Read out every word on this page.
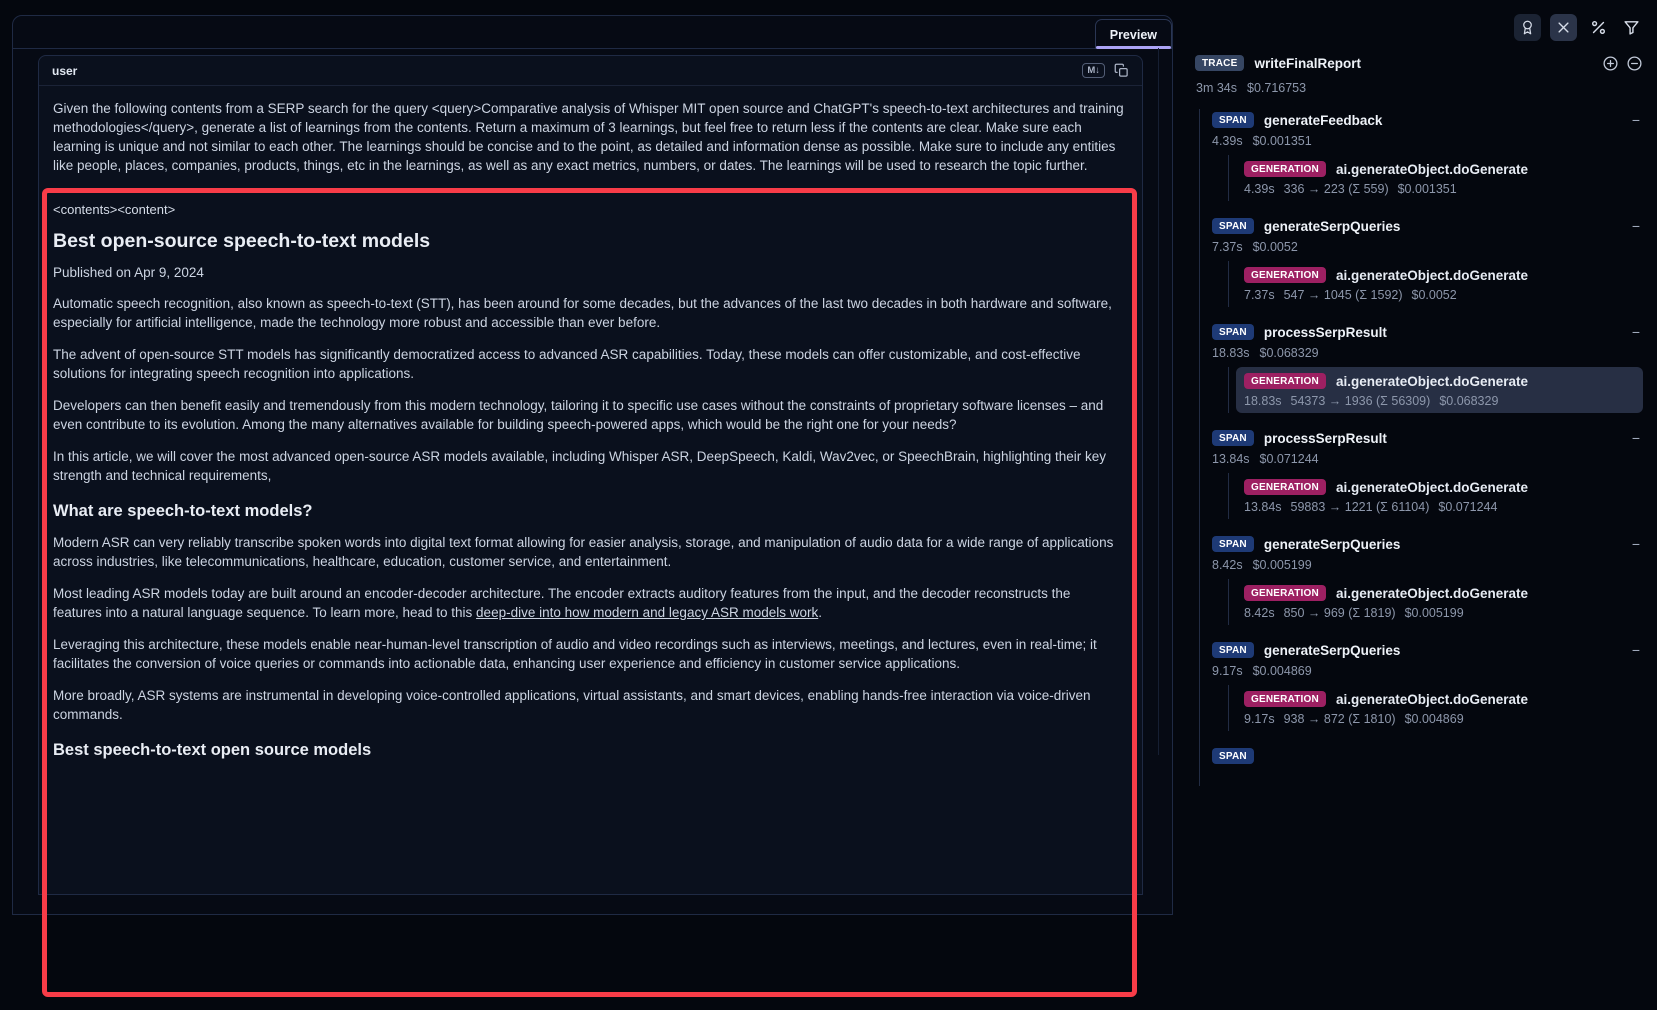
Preview
user	M↓

Given the following contents from a SERP search for the query <query>Comparative analysis of Whisper MIT open source and ChatGPT's speech-to-text architectures and training methodologies</query>, generate a list of learnings from the contents. Return a maximum of 3 learnings, but feel free to return less if the contents are clear. Make sure each learning is unique and not similar to each other. The learnings should be concise and to the point, as detailed and information dense as possible. Make sure to include any entities like people, places, companies, products, things, etc in the learnings, as well as any exact metrics, numbers, or dates. The learnings will be used to research the topic further.

<contents><content>

Best open-source speech-to-text models

Published on Apr 9, 2024

Automatic speech recognition, also known as speech-to-text (STT), has been around for some decades, but the advances of the last two decades in both hardware and software, especially for artificial intelligence, made the technology more robust and accessible than ever before.

The advent of open-source STT models has significantly democratized access to advanced ASR capabilities. Today, these models can offer customizable, and cost-effective solutions for integrating speech recognition into applications.

Developers can then benefit easily and tremendously from this modern technology, tailoring it to specific use cases without the constraints of proprietary software licenses – and even contribute to its evolution. Among the many alternatives available for building speech-powered apps, which would be the right one for your needs?

In this article, we will cover the most advanced open-source ASR models available, including Whisper ASR, DeepSpeech, Kaldi, Wav2vec, or SpeechBrain, highlighting their key strength and technical requirements,

What are speech-to-text models?

Modern ASR can very reliably transcribe spoken words into digital text format allowing for easier analysis, storage, and manipulation of audio data for a wide range of applications across industries, like telecommunications, healthcare, education, customer service, and entertainment.

Most leading ASR models today are built around an encoder-decoder architecture. The encoder extracts auditory features from the input, and the decoder reconstructs the features into a natural language sequence. To learn more, head to this deep-dive into how modern and legacy ASR models work.

Leveraging this architecture, these models enable near-human-level transcription of audio and video recordings such as interviews, meetings, and lectures, even in real-time; it facilitates the conversion of voice queries or commands into actionable data, enhancing user experience and efficiency in customer service applications.

More broadly, ASR systems are instrumental in developing voice-controlled applications, virtual assistants, and smart devices, enabling hands-free interaction via voice-driven commands.

Best speech-to-text open source models
TRACE	writeFinalReport
3m 34s $0.716753
SPAN	generateFeedback	−
4.39s $0.001351
GENERATION	ai.generateObject.doGenerate
4.39s 336 → 223 (Σ 559) $0.001351
SPAN	generateSerpQueries	−
7.37s $0.0052
GENERATION	ai.generateObject.doGenerate
7.37s 547 → 1045 (Σ 1592) $0.0052
SPAN	processSerpResult	−
18.83s $0.068329
GENERATION	ai.generateObject.doGenerate
18.83s 54373 → 1936 (Σ 56309) $0.068329
SPAN	processSerpResult	−
13.84s $0.071244
GENERATION	ai.generateObject.doGenerate
13.84s 59883 → 1221 (Σ 61104) $0.071244
SPAN	generateSerpQueries	−
8.42s $0.005199
GENERATION	ai.generateObject.doGenerate
8.42s 850 → 969 (Σ 1819) $0.005199
SPAN	generateSerpQueries	−
9.17s $0.004869
GENERATION	ai.generateObject.doGenerate
9.17s 938 → 872 (Σ 1810) $0.004869
SPAN
